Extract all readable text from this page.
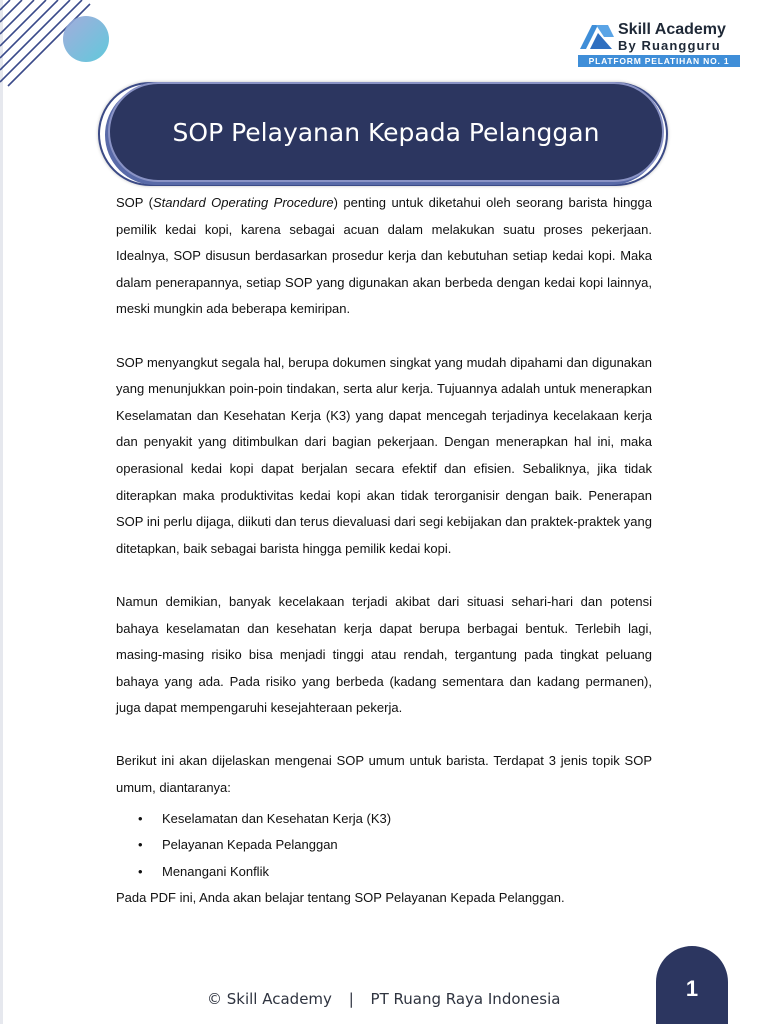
Skill Academy
By Ruangguru
PLATFORM PELATIHAN NO. 1
SOP Pelayanan Kepada Pelanggan

SOP (Standard Operating Procedure) penting untuk diketahui oleh seorang barista hingga pemilik kedai kopi, karena sebagai acuan dalam melakukan suatu proses pekerjaan. Idealnya, SOP disusun berdasarkan prosedur kerja dan kebutuhan setiap kedai kopi. Maka dalam penerapannya, setiap SOP yang digunakan akan berbeda dengan kedai kopi lainnya, meski mungkin ada beberapa kemiripan.

SOP menyangkut segala hal, berupa dokumen singkat yang mudah dipahami dan digunakan yang menunjukkan poin-poin tindakan, serta alur kerja. Tujuannya adalah untuk menerapkan Keselamatan dan Kesehatan Kerja (K3) yang dapat mencegah terjadinya kecelakaan kerja dan penyakit yang ditimbulkan dari bagian pekerjaan. Dengan menerapkan hal ini, maka operasional kedai kopi dapat berjalan secara efektif dan efisien. Sebaliknya, jika tidak diterapkan maka produktivitas kedai kopi akan tidak terorganisir dengan baik. Penerapan SOP ini perlu dijaga, diikuti dan terus dievaluasi dari segi kebijakan dan praktek-praktek yang ditetapkan, baik sebagai barista hingga pemilik kedai kopi.

Namun demikian, banyak kecelakaan terjadi akibat dari situasi sehari-hari dan potensi bahaya keselamatan dan kesehatan kerja dapat berupa berbagai bentuk. Terlebih lagi, masing-masing risiko bisa menjadi tinggi atau rendah, tergantung pada tingkat peluang bahaya yang ada. Pada risiko yang berbeda (kadang sementara dan kadang permanen), juga dapat mempengaruhi kesejahteraan pekerja.

Berikut ini akan dijelaskan mengenai SOP umum untuk barista. Terdapat 3 jenis topik SOP umum, diantaranya:

• Keselamatan dan Kesehatan Kerja (K3)
• Pelayanan Kepada Pelanggan
• Menangani Konflik

Pada PDF ini, Anda akan belajar tentang SOP Pelayanan Kepada Pelanggan.

© Skill Academy | PT Ruang Raya Indonesia	1
